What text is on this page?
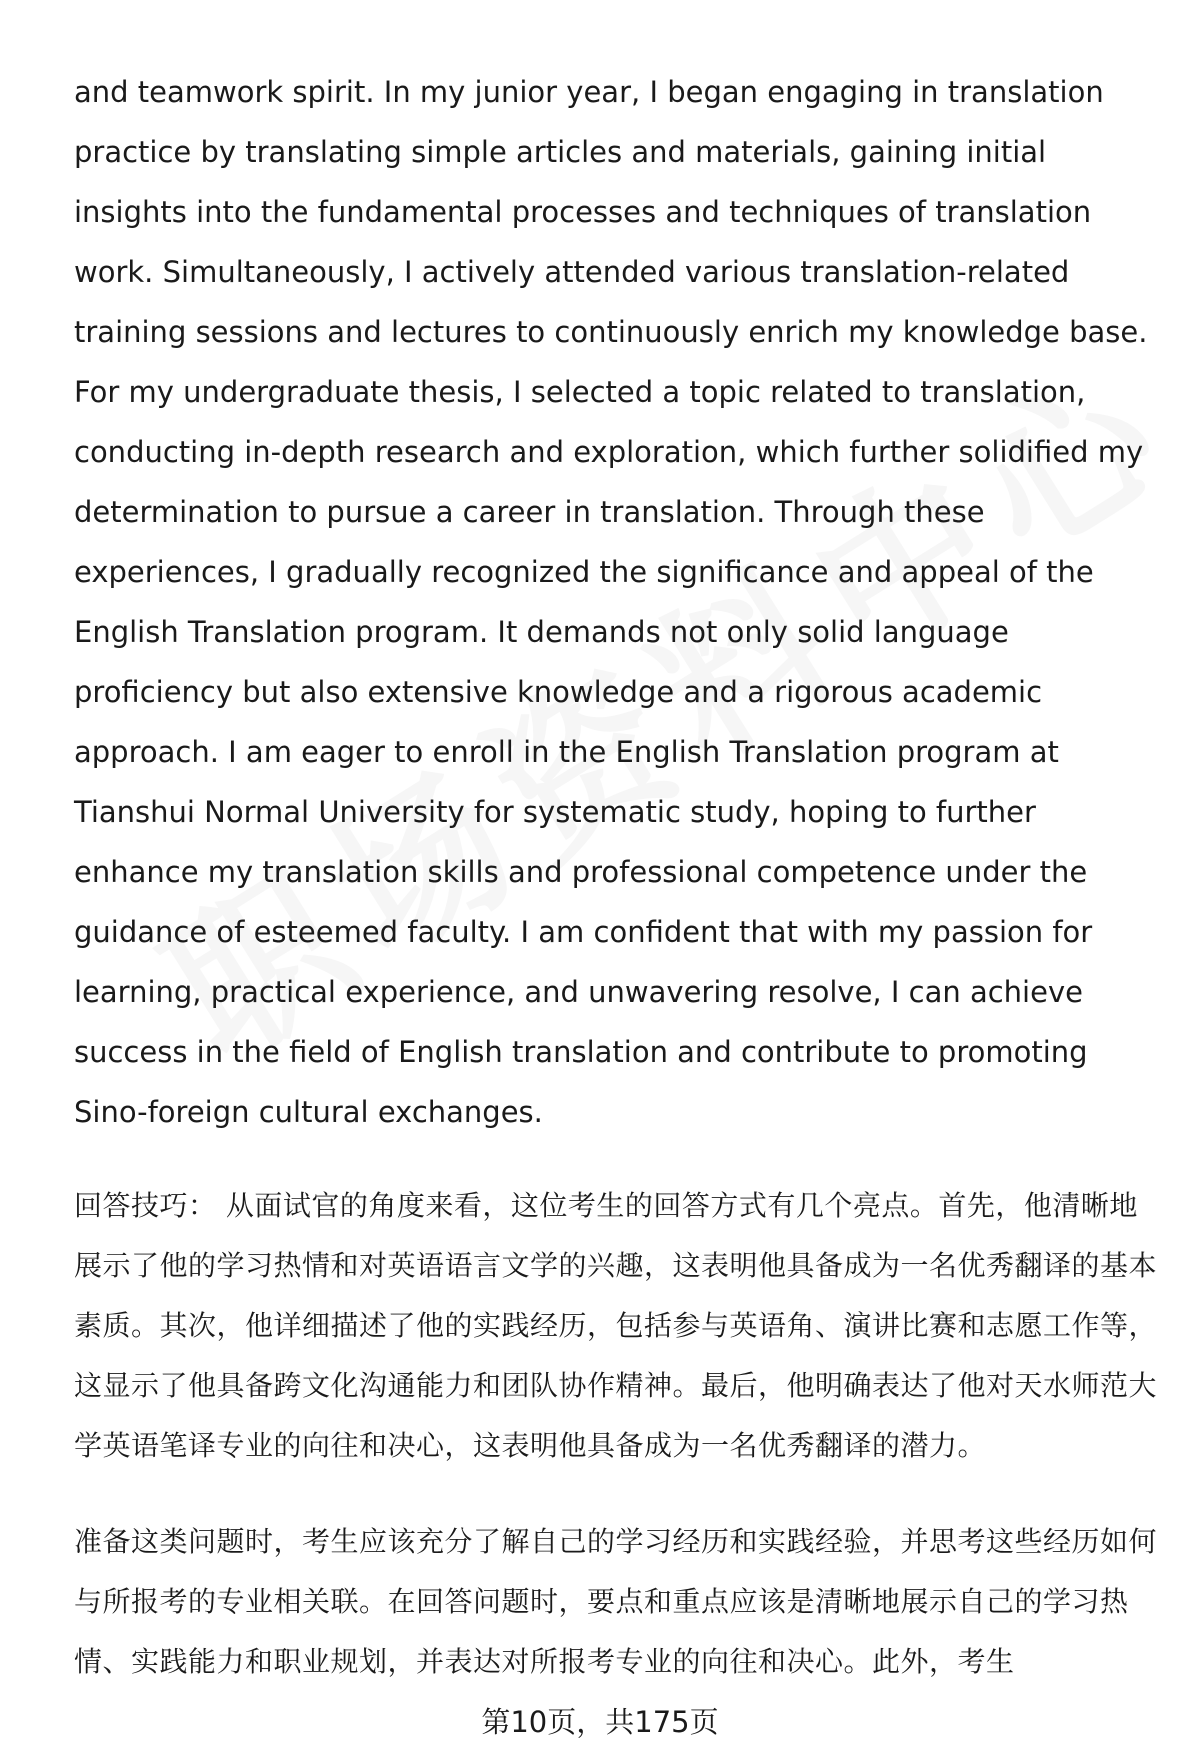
and teamwork spirit. In my junior year, I began engaging in translation practice by translating simple articles and materials, gaining initial insights into the fundamental processes and techniques of translation work. Simultaneously, I actively attended various translation-related training sessions and lectures to continuously enrich my knowledge base. For my undergraduate thesis, I selected a topic related to translation, conducting in-depth research and exploration, which further solidified my determination to pursue a career in translation. Through these experiences, I gradually recognized the significance and appeal of the English Translation program. It demands not only solid language proficiency but also extensive knowledge and a rigorous academic approach. I am eager to enroll in the English Translation program at Tianshui Normal University for systematic study, hoping to further enhance my translation skills and professional competence under the guidance of esteemed faculty. I am confident that with my passion for learning, practical experience, and unwavering resolve, I can achieve success in the field of English translation and contribute to promoting Sino-foreign cultural exchanges.

回答技巧： 从面试官的角度来看，这位考生的回答方式有几个亮点。首先，他清晰地展示了他的学习热情和对英语语言文学的兴趣，这表明他具备成为一名优秀翻译的基本素质。其次，他详细描述了他的实践经历，包括参与英语角、演讲比赛和志愿工作等，这显示了他具备跨文化沟通能力和团队协作精神。最后，他明确表达了他对天水师范大学英语笔译专业的向往和决心，这表明他具备成为一名优秀翻译的潜力。

准备这类问题时，考生应该充分了解自己的学习经历和实践经验，并思考这些经历如何与所报考的专业相关联。在回答问题时，要点和重点应该是清晰地展示自己的学习热情、实践能力和职业规划，并表达对所报考专业的向往和决心。此外，考生

第10页，共175页
